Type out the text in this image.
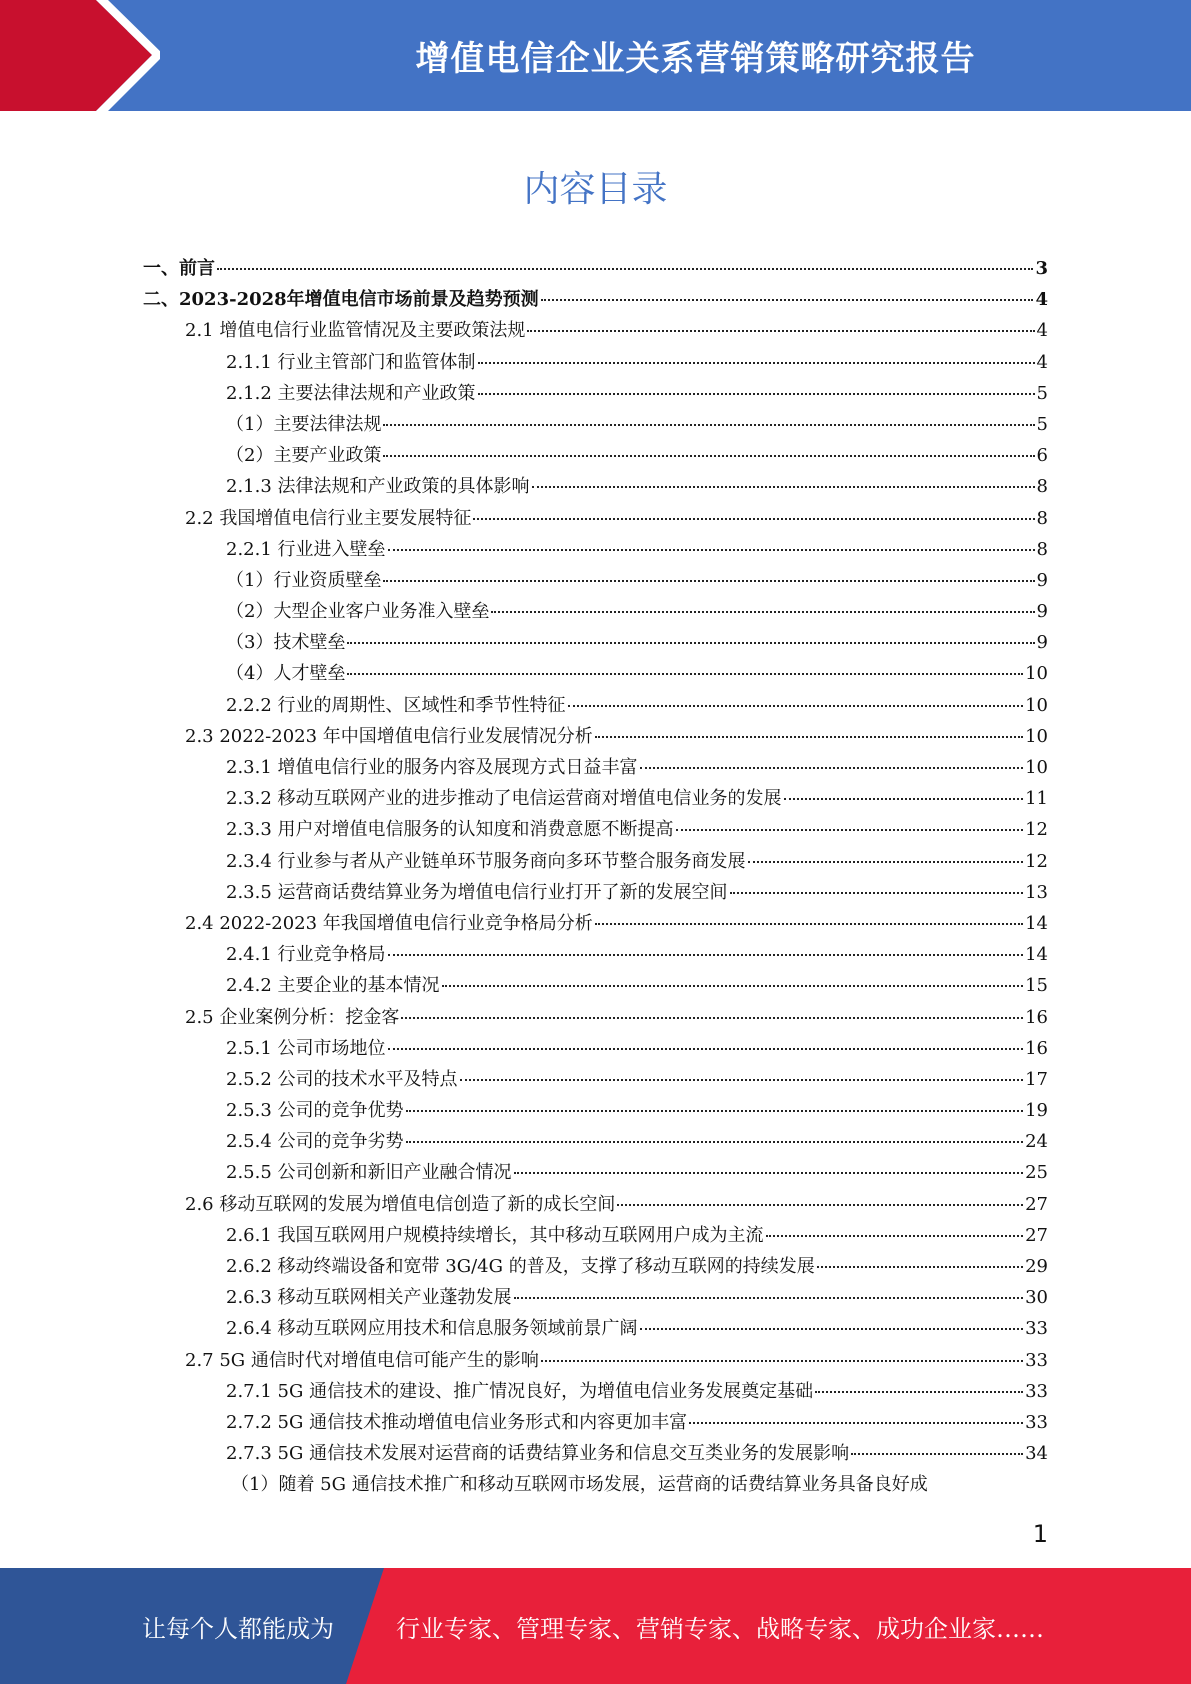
增值电信企业关系营销策略研究报告
内容目录
一、前言	3
二、2023-2028年增值电信市场前景及趋势预测	4
2.1 增值电信行业监管情况及主要政策法规	4
2.1.1 行业主管部门和监管体制	4
2.1.2 主要法律法规和产业政策	5
（1）主要法律法规	5
（2）主要产业政策	6
2.1.3 法律法规和产业政策的具体影响	8
2.2 我国增值电信行业主要发展特征	8
2.2.1 行业进入壁垒	8
（1）行业资质壁垒	9
（2）大型企业客户业务准入壁垒	9
（3）技术壁垒	9
（4）人才壁垒	10
2.2.2 行业的周期性、区域性和季节性特征	10
2.3 2022-2023 年中国增值电信行业发展情况分析	10
2.3.1 增值电信行业的服务内容及展现方式日益丰富	10
2.3.2 移动互联网产业的进步推动了电信运营商对增值电信业务的发展	11
2.3.3 用户对增值电信服务的认知度和消费意愿不断提高	12
2.3.4 行业参与者从产业链单环节服务商向多环节整合服务商发展	12
2.3.5 运营商话费结算业务为增值电信行业打开了新的发展空间	13
2.4 2022-2023 年我国增值电信行业竞争格局分析	14
2.4.1 行业竞争格局	14
2.4.2 主要企业的基本情况	15
2.5 企业案例分析：挖金客	16
2.5.1 公司市场地位	16
2.5.2 公司的技术水平及特点	17
2.5.3 公司的竞争优势	19
2.5.4 公司的竞争劣势	24
2.5.5 公司创新和新旧产业融合情况	25
2.6 移动互联网的发展为增值电信创造了新的成长空间	27
2.6.1 我国互联网用户规模持续增长，其中移动互联网用户成为主流	27
2.6.2 移动终端设备和宽带 3G/4G 的普及，支撑了移动互联网的持续发展	29
2.6.3 移动互联网相关产业蓬勃发展	30
2.6.4 移动互联网应用技术和信息服务领域前景广阔	33
2.7 5G 通信时代对增值电信可能产生的影响	33
2.7.1 5G 通信技术的建设、推广情况良好，为增值电信业务发展奠定基础	33
2.7.2 5G 通信技术推动增值电信业务形式和内容更加丰富	33
2.7.3 5G 通信技术发展对运营商的话费结算业务和信息交互类业务的发展影响	34
（1）随着 5G 通信技术推广和移动互联网市场发展，运营商的话费结算业务具备良好成
1
让每个人都能成为	行业专家、管理专家、营销专家、战略专家、成功企业家……
